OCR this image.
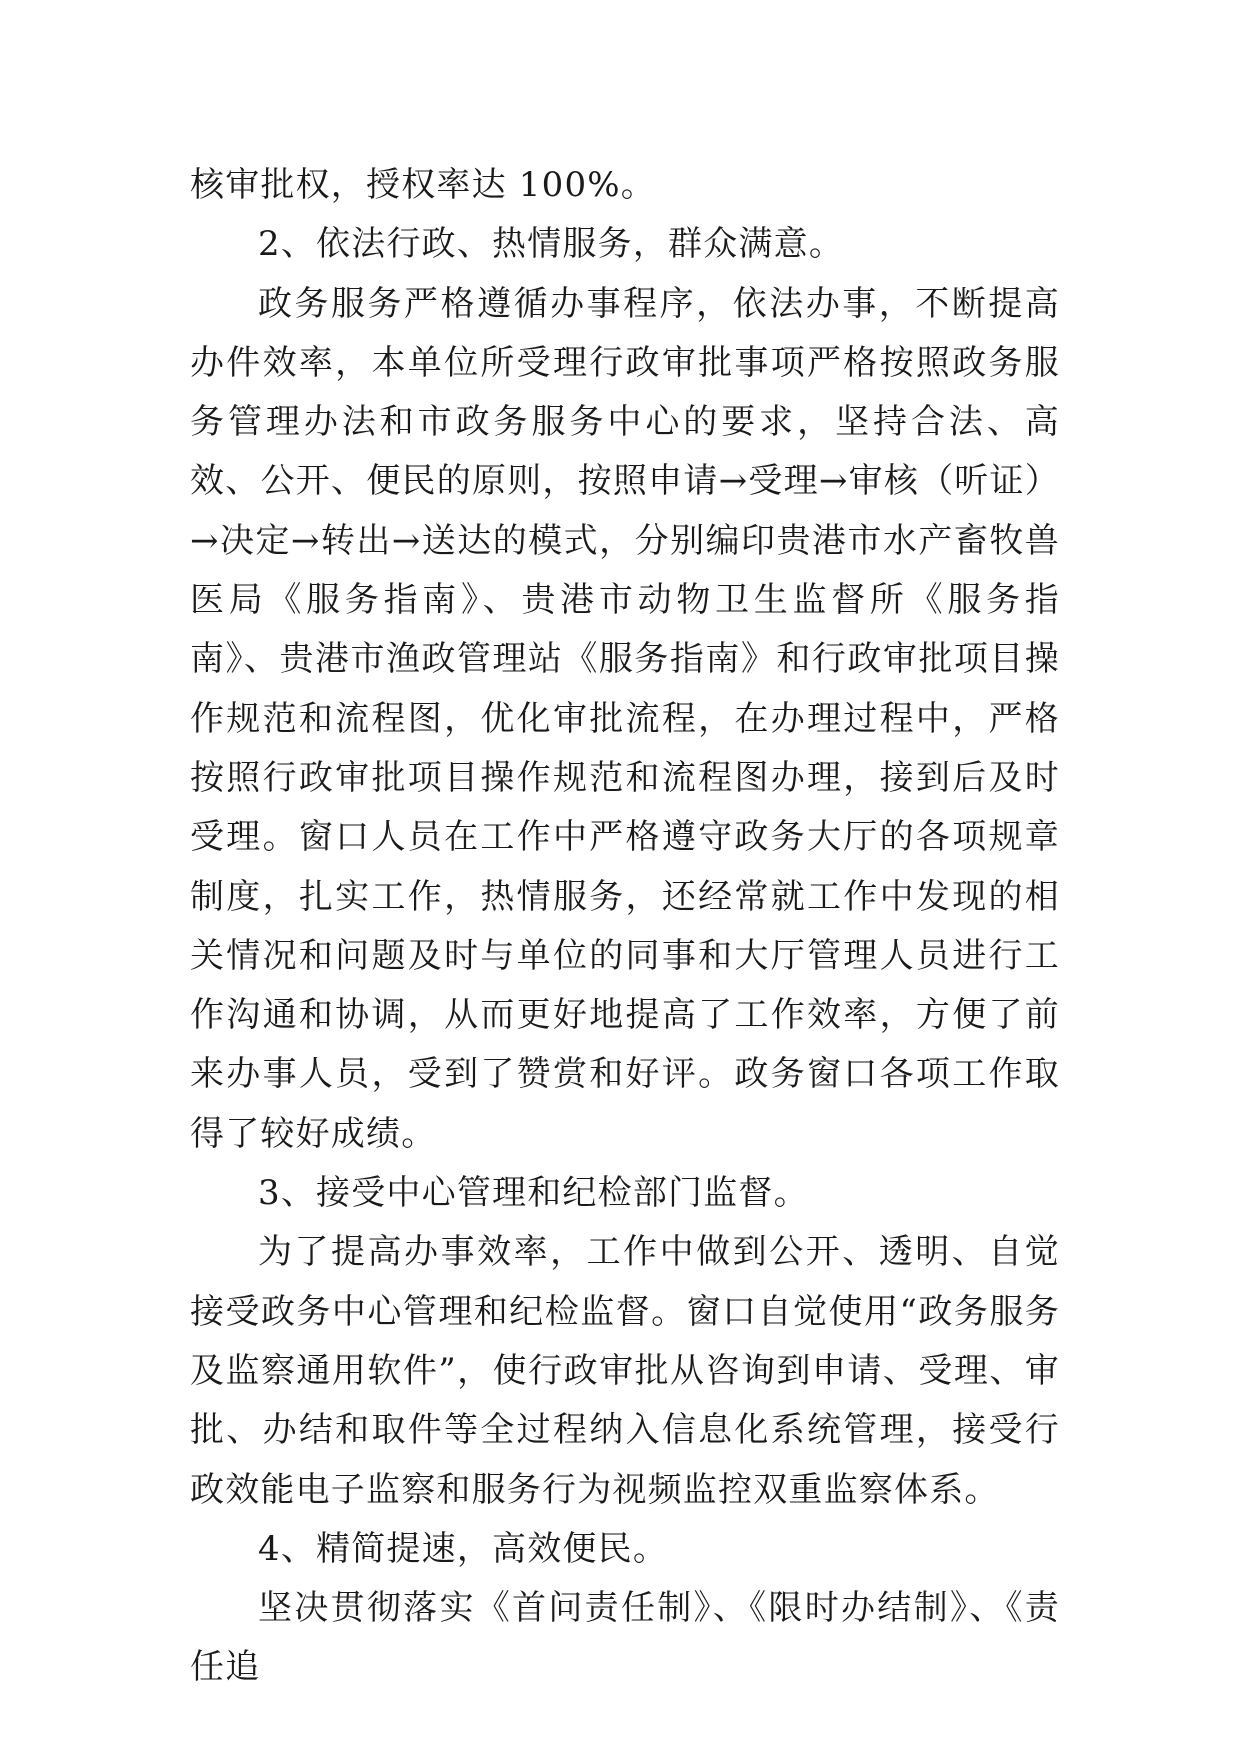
核审批权，授权率达 100%。

2、依法行政、热情服务，群众满意。

政务服务严格遵循办事程序，依法办事，不断提高办件效率，本单位所受理行政审批事项严格按照政务服务管理办法和市政务服务中心的要求，坚持合法、高效、公开、便民的原则，按照申请→受理→审核（听证）→决定→转出→送达的模式，分别编印贵港市水产畜牧兽医局《服务指南》、贵港市动物卫生监督所《服务指南》、贵港市渔政管理站《服务指南》和行政审批项目操作规范和流程图，优化审批流程，在办理过程中，严格按照行政审批项目操作规范和流程图办理，接到后及时受理。窗口人员在工作中严格遵守政务大厅的各项规章制度，扎实工作，热情服务，还经常就工作中发现的相关情况和问题及时与单位的同事和大厅管理人员进行工作沟通和协调，从而更好地提高了工作效率，方便了前来办事人员，受到了赞赏和好评。政务窗口各项工作取得了较好成绩。

3、接受中心管理和纪检部门监督。

为了提高办事效率，工作中做到公开、透明、自觉接受政务中心管理和纪检监督。窗口自觉使用“政务服务及监察通用软件”，使行政审批从咨询到申请、受理、审批、办结和取件等全过程纳入信息化系统管理，接受行政效能电子监察和服务行为视频监控双重监察体系。

4、精简提速，高效便民。

坚决贯彻落实《首问责任制》、《限时办结制》、《责任追
